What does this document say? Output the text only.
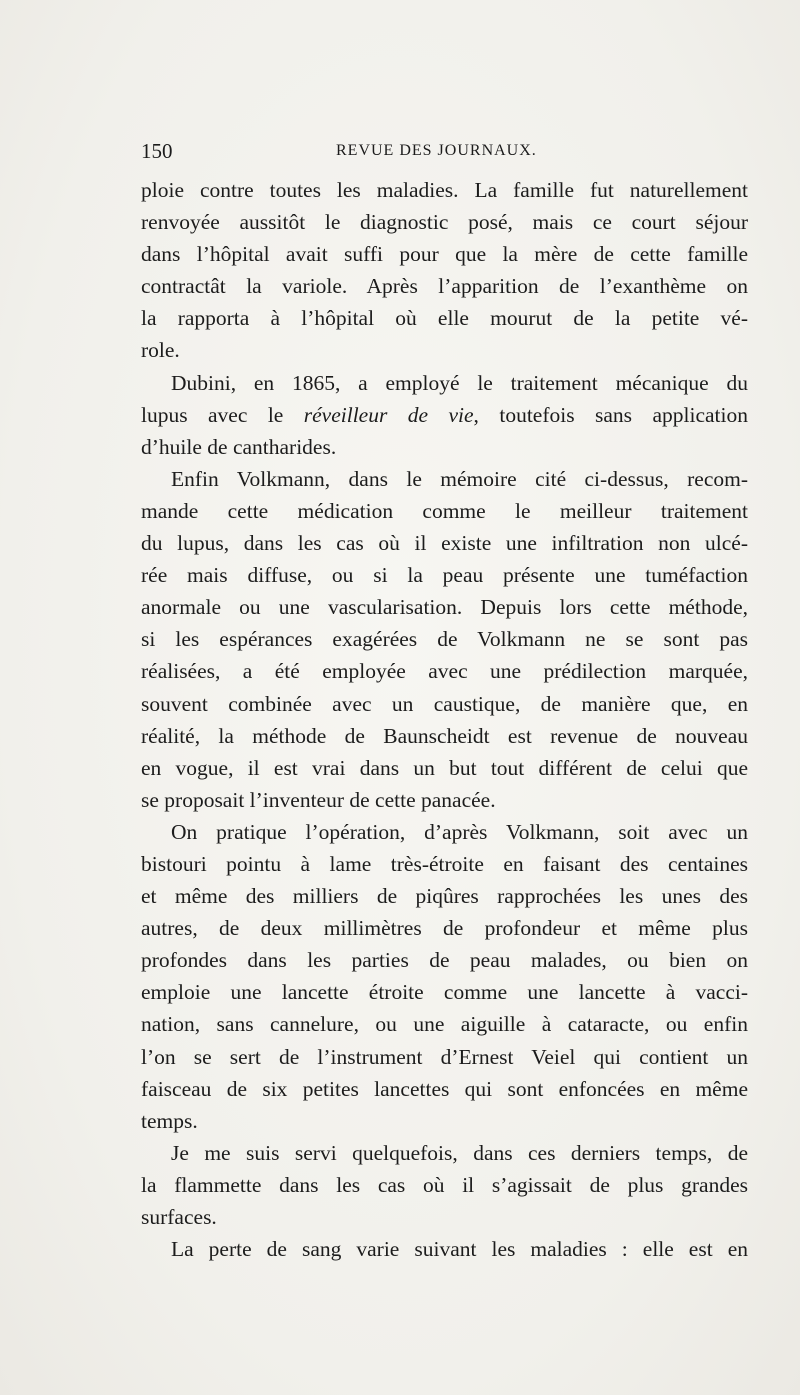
150	REVUE DES JOURNAUX.
ploie contre toutes les maladies. La famille fut naturellement
renvoyée aussitôt le diagnostic posé, mais ce court séjour
dans l’hôpital avait suffi pour que la mère de cette famille
contractât la variole. Après l’apparition de l’exanthème on
la rapporta à l’hôpital où elle mourut de la petite vé-
role.
Dubini, en 1865, a employé le traitement mécanique du
lupus avec le réveilleur de vie, toutefois sans application
d’huile de cantharides.
Enfin Volkmann, dans le mémoire cité ci-dessus, recom-
mande cette médication comme le meilleur traitement
du lupus, dans les cas où il existe une infiltration non ulcé-
rée mais diffuse, ou si la peau présente une tuméfaction
anormale ou une vascularisation. Depuis lors cette méthode,
si les espérances exagérées de Volkmann ne se sont pas
réalisées, a été employée avec une prédilection marquée,
souvent combinée avec un caustique, de manière que, en
réalité, la méthode de Baunscheidt est revenue de nouveau
en vogue, il est vrai dans un but tout différent de celui que
se proposait l’inventeur de cette panacée.
On pratique l’opération, d’après Volkmann, soit avec un
bistouri pointu à lame très-étroite en faisant des centaines
et même des milliers de piqûres rapprochées les unes des
autres, de deux millimètres de profondeur et même plus
profondes dans les parties de peau malades, ou bien on
emploie une lancette étroite comme une lancette à vacci-
nation, sans cannelure, ou une aiguille à cataracte, ou enfin
l’on se sert de l’instrument d’Ernest Veiel qui contient un
faisceau de six petites lancettes qui sont enfoncées en même
temps.
Je me suis servi quelquefois, dans ces derniers temps, de
la flammette dans les cas où il s’agissait de plus grandes
surfaces.
La perte de sang varie suivant les maladies : elle est en
